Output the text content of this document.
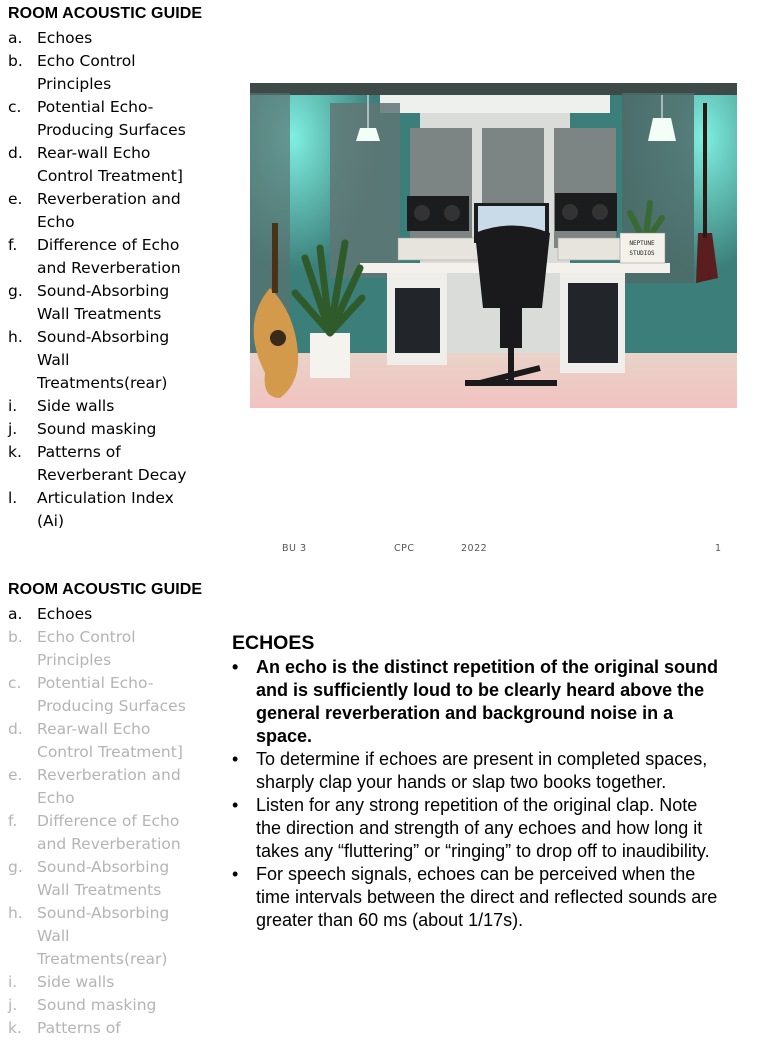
ROOM ACOUSTIC GUIDE
a. Echoes
b. Echo Control Principles
c.	Potential Echo-Producing Surfaces
d. Rear-wall Echo Control Treatment]
e. Reverberation and Echo
f.	Difference of Echo and Reverberation
g. Sound-Absorbing Wall Treatments
h. Sound-Absorbing Wall Treatments(rear)
i.	Side walls
j.	Sound masking
k. Patterns of Reverberant Decay
l.	Articulation Index (Ai)
NEPTUNE
STUDIOS
BU 3	CPC	2022	1
ROOM ACOUSTIC GUIDE
a. Echoes
b. Echo Control Principles
c.	Potential Echo-Producing Surfaces
d. Rear-wall Echo Control Treatment]
e. Reverberation and Echo
f.	Difference of Echo and Reverberation
g. Sound-Absorbing Wall Treatments
h. Sound-Absorbing Wall Treatments(rear)
i.	Side walls
j.	Sound masking
k. Patterns of
ECHOES
• An echo is the distinct repetition of the original sound and is sufficiently loud to be clearly heard above the general reverberation and background noise in a space.
• To determine if echoes are present in completed spaces, sharply clap your hands or slap two books together.
• Listen for any strong repetition of the original clap. Note the direction and strength of any echoes and how long it takes any “fluttering” or “ringing” to drop off to inaudibility.
• For speech signals, echoes can be perceived when the time intervals between the direct and reflected sounds are greater than 60 ms (about 1/17s).
